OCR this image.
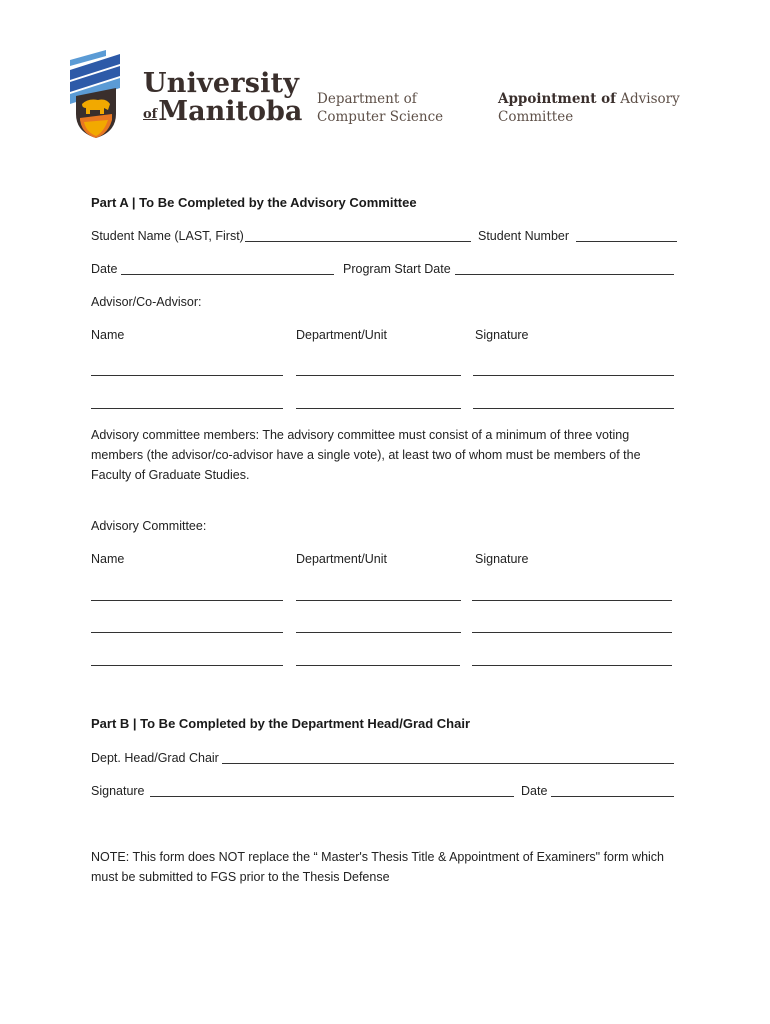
University
ofManitoba Department of
Computer Science
Appointment of Advisory
Committee
Part A | To Be Completed by the Advisory Committee
Student Name (LAST, First)	Student Number
Date	Program Start Date
Advisor/Co-Advisor:
Name	Department/Unit	Signature
Advisory committee members: The advisory committee must consist of a minimum of three voting members (the advisor/co-advisor have a single vote), at least two of whom must be members of the Faculty of Graduate Studies.
Advisory Committee:
Name	Department/Unit	Signature
Part B | To Be Completed by the Department Head/Grad Chair
Dept. Head/Grad Chair
Signature	Date
NOTE: This form does NOT replace the “ Master's Thesis Title & Appointment of Examiners" form which must be submitted to FGS prior to the Thesis Defense
